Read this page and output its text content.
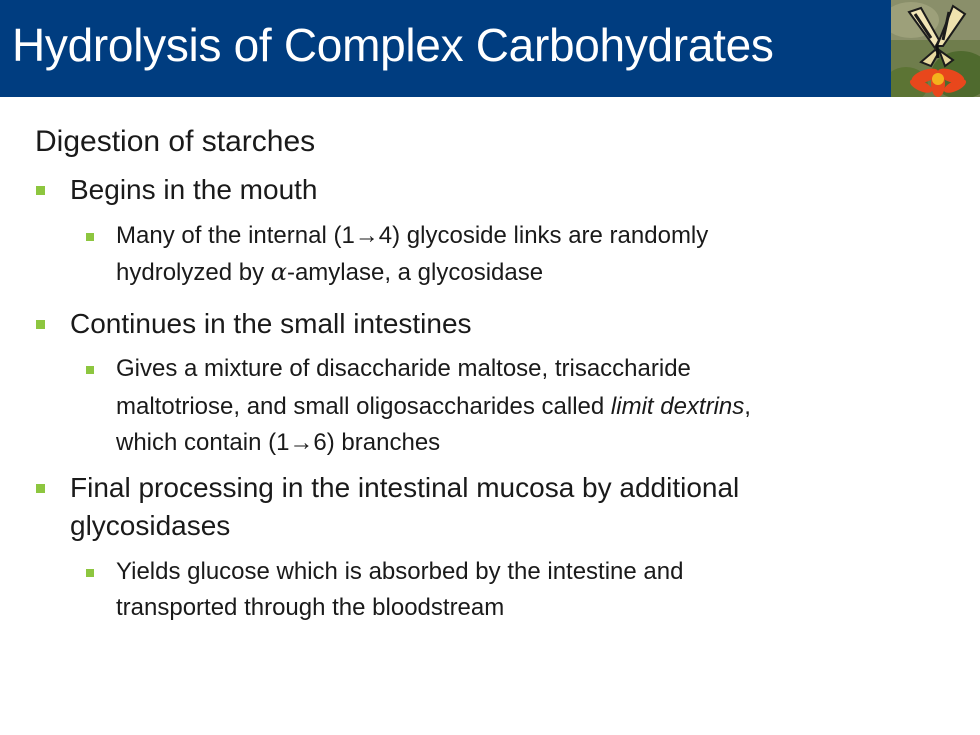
Hydrolysis of Complex Carbohydrates
Digestion of starches
Begins in the mouth
Many of the internal (1→4) glycoside links are randomly
hydrolyzed by α-amylase, a glycosidase
Continues in the small intestines
Gives a mixture of disaccharide maltose, trisaccharide
maltotriose, and small oligosaccharides called limit dextrins,
which contain (1→6) branches
Final processing in the intestinal mucosa by additional
glycosidases
Yields glucose which is absorbed by the intestine and
transported through the bloodstream
